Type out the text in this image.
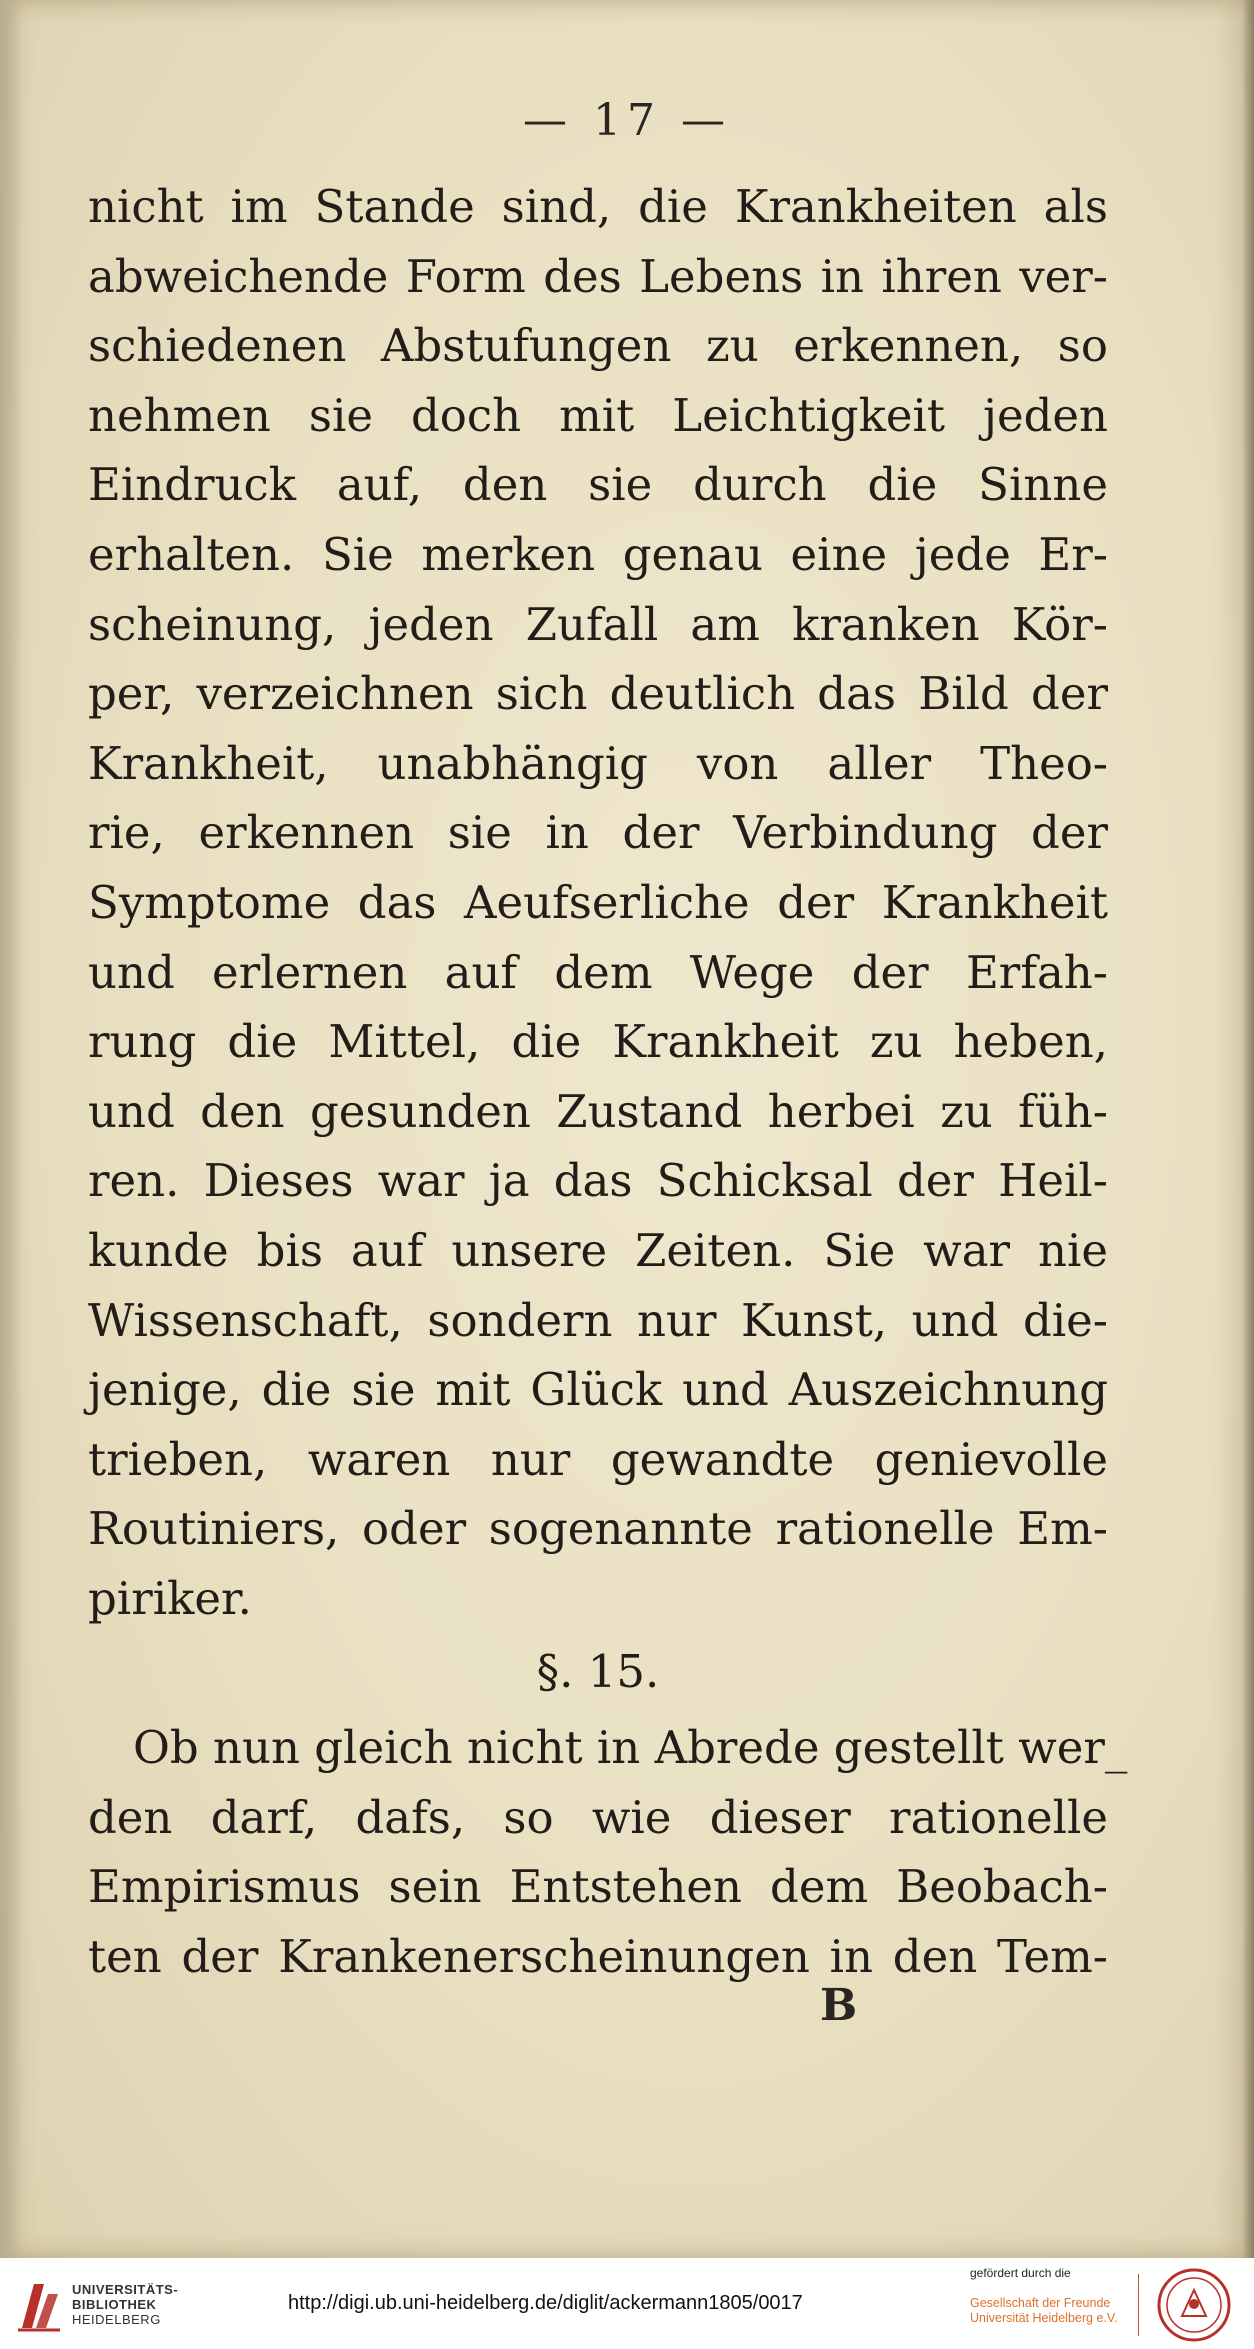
— 17 —
nicht im Stande sind, die Krankheiten als
abweichende Form des Lebens in ihren ver-
schiedenen Abstufungen zu erkennen, so
nehmen sie doch mit Leichtigkeit jeden
Eindruck auf, den sie durch die Sinne
erhalten. Sie merken genau eine jede Er-
scheinung, jeden Zufall am kranken Kör-
per, verzeichnen sich deutlich das Bild der
Krankheit, unabhängig von aller Theo-
rie, erkennen sie in der Verbindung der
Symptome das Aeufserliche der Krankheit
und erlernen auf dem Wege der Erfah-
rung die Mittel, die Krankheit zu heben,
und den gesunden Zustand herbei zu füh-
ren. Dieses war ja das Schicksal der Heil-
kunde bis auf unsere Zeiten. Sie war nie
Wissenschaft, sondern nur Kunst, und die-
jenige, die sie mit Glück und Auszeichnung
trieben, waren nur gewandte genievolle
Routiniers, oder sogenannte rationelle Em-
piriker.
§. 15.
Ob nun gleich nicht in Abrede gestellt wer_
den darf, dafs, so wie dieser rationelle
Empirismus sein Entstehen dem Beobach-
ten der Krankenerscheinungen in den Tem-
B
UNIVERSITÄTS-
BIBLIOTHEK
HEIDELBERG
http://digi.ub.uni-heidelberg.de/diglit/ackermann1805/0017
gefördert durch die
Gesellschaft der Freunde
Universität Heidelberg e.V.
